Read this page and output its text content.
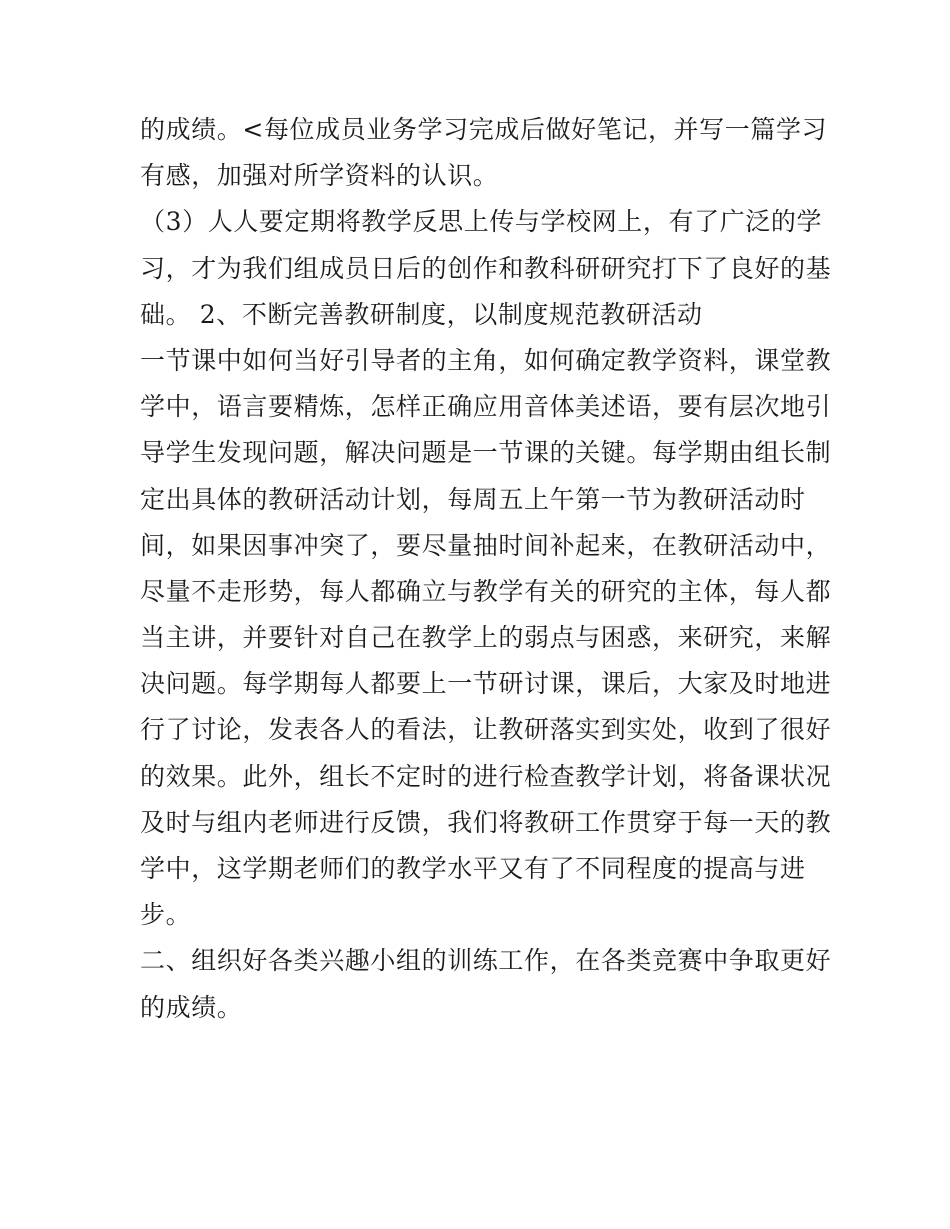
的成绩。<每位成员业务学习完成后做好笔记，并写一篇学习
有感，加强对所学资料的认识。
（3）人人要定期将教学反思上传与学校网上，有了广泛的学
习，才为我们组成员日后的创作和教科研研究打下了良好的基
础。 2、不断完善教研制度，以制度规范教研活动
一节课中如何当好引导者的主角，如何确定教学资料，课堂教
学中，语言要精炼，怎样正确应用音体美述语，要有层次地引
导学生发现问题，解决问题是一节课的关键。每学期由组长制
定出具体的教研活动计划，每周五上午第一节为教研活动时
间，如果因事冲突了，要尽量抽时间补起来，在教研活动中，
尽量不走形势，每人都确立与教学有关的研究的主体，每人都
当主讲，并要针对自己在教学上的弱点与困惑，来研究，来解
决问题。每学期每人都要上一节研讨课，课后，大家及时地进
行了讨论，发表各人的看法，让教研落实到实处，收到了很好
的效果。此外，组长不定时的进行检查教学计划，将备课状况
及时与组内老师进行反馈，我们将教研工作贯穿于每一天的教
学中，这学期老师们的教学水平又有了不同程度的提高与进
步。
二、组织好各类兴趣小组的训练工作，在各类竞赛中争取更好
的成绩。
